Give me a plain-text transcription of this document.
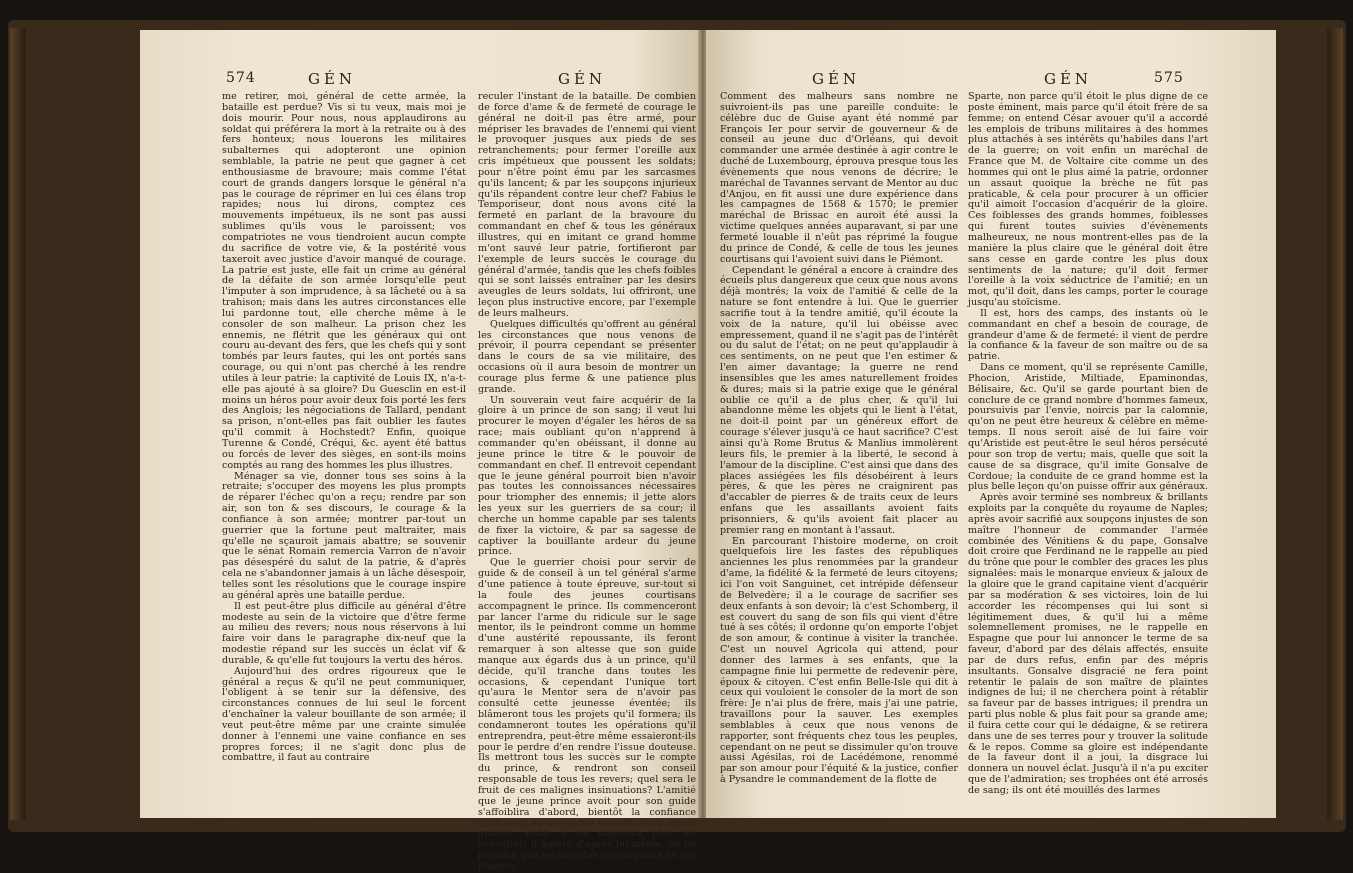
574	GÉN	GÉN

me retirer, moi, général de cette armée, la bataille est perdue? Vis si tu veux, mais moi je dois mourir. Pour nous, nous applaudirons au soldat qui préférera la mort à la retraite ou à des fers honteux; nous louerons les militaires subalternes qui adopteront une opinion semblable, la patrie ne peut que gagner à cet enthousiasme de bravoure; mais comme l'état court de grands dangers lorsque le général n'a pas le courage de réprimer en lui ces élans trop rapides; nous lui dirons, comptez ces mouvements impétueux, ils ne sont pas aussi sublimes qu'ils vous le paroissent; vos compatriotes ne vous tiendroient aucun compte du sacrifice de votre vie, & la postérité vous taxeroit avec justice d'avoir manqué de courage. La patrie est juste, elle fait un crime au général de la défaite de son armée lorsqu'elle peut l'imputer à son imprudence, à sa lâcheté ou à sa trahison; mais dans les autres circonstances elle lui pardonne tout, elle cherche même à le consoler de son malheur. La prison chez les ennemis, ne flétrit que les généraux qui ont couru au-devant des fers, que les chefs qui y sont tombés par leurs fautes, qui les ont portés sans courage, ou qui n'ont pas cherché à les rendre utiles à leur patrie: la captivité de Louis IX, n'a-t-elle pas ajouté à sa gloire? Du Guesclin en est-il moins un héros pour avoir deux fois porté les fers des Anglois; les négociations de Tallard, pendant sa prison, n'ont-elles pas fait oublier les fautes qu'il commit à Hochstedt? Enfin, quoique Turenne & Condé, Créqui, &c. ayent été battus ou forcés de lever des sièges, en sont-ils moins comptés au rang des hommes les plus illustres.

Ménager sa vie, donner tous ses soins à la retraite; s'occuper des moyens les plus prompts de réparer l'échec qu'on a reçu; rendre par son air, son ton & ses discours, le courage & la confiance à son armée; montrer par-tout un guerrier que la fortune peut maltraiter, mais qu'elle ne sçauroit jamais abattre; se souvenir que le sénat Romain remercia Varron de n'avoir pas désespéré du salut de la patrie, & d'après cela ne s'abandonner jamais à un lâche désespoir, telles sont les résolutions que le courage inspire au général après une bataille perdue.

Il est peut-être plus difficile au général d'être modeste au sein de la victoire que d'être ferme au milieu des revers; nous nous réservons à lui faire voir dans le paragraphe dix-neuf que la modestie répand sur les succès un éclat vif & durable, & qu'elle fut toujours la vertu des héros.

Aujourd'hui des ordres rigoureux que le général a reçus & qu'il ne peut communiquer, l'obligent à se tenir sur la défensive, des circonstances connues de lui seul le forcent d'enchaîner la valeur bouillante de son armée; il veut peut-être même par une crainte simulée donner à l'ennemi une vaine confiance en ses propres forces; il ne s'agit donc plus de combattre, il faut au contraire

reculer l'instant de la bataille. De combien de force d'ame & de fermeté de courage le général ne doit-il pas être armé, pour mépriser les bravades de l'ennemi qui vient le provoquer jusques aux pieds de ses retranchements; pour fermer l'oreille aux cris impétueux que poussent les soldats; pour n'être point ému par les sarcasmes qu'ils lancent; & par les soupçons injurieux qu'ils répandent contre leur chef? Fabius le Temporiseur, dont nous avons cité la fermeté en parlant de la bravoure du commandant en chef & tous les généraux illustres, qui en imitant ce grand homme m'ont sauvé leur patrie, fortifieront par l'exemple de leurs succès le courage du général d'armée, tandis que les chefs foibles qui se sont laissés entraîner par les desirs aveugles de leurs soldats, lui offriront, une leçon plus instructive encore, par l'exemple de leurs malheurs.

Quelques difficultés qu'offrent au général les circonstances que nous venons de prévoir, il pourra cependant se présenter dans le cours de sa vie militaire, des occasions où il aura besoin de montrer un courage plus ferme & une patience plus grande.

Un souverain veut faire acquérir de la gloire à un prince de son sang; il veut lui procurer le moyen d'égaler les héros de sa race; mais oubliant qu'on n'apprend à commander qu'en obéissant, il donne au jeune prince le titre & le pouvoir de commandant en chef. Il entrevoit cependant que le jeune général pourroit bien n'avoir pas toutes les connoissances nécessaires pour triompher des ennemis; il jette alors les yeux sur les guerriers de sa cour; il cherche un homme capable par ses talents de fixer la victoire, & par sa sagesse de captiver la bouillante ardeur du jeune prince.

Que le guerrier choisi pour servir de guide & de conseil à un tel général s'arme d'une patience à toute épreuve, sur-tout si la foule des jeunes courtisans accompagnent le prince. Ils commenceront par lancer l'arme du ridicule sur le sage mentor, ils le peindront comme un homme d'une austérité repoussante, ils feront remarquer à son altesse que son guide manque aux égards dus à un prince, qu'il décide, qu'il tranche dans toutes les occasions, & cependant l'unique tort qu'aura le Mentor sera de n'avoir pas consulté cette jeunesse éventée; ils blâmeront tous les projets qu'il formera; ils condamneront toutes les opérations qu'il entreprendra, peut-être même essaieront-ils pour le perdre d'en rendre l'issue douteuse. Ils mettront tous les succès sur le compte du prince, & rendront son conseil responsable de tous les revers; quel sera le fruit de ces malignes insinuations? L'amitié que le jeune prince avoit pour son guide s'affoiblira d'abord, bientôt la confiance qu'il avoit en ses sages conseils sera moins grande, enfin il ne daignera plus les consulter; il agiera d'après lui-même, ou ne prendra que les avis des compagnons de ses plaisirs.

GÉN	GÉN	575

Comment des malheurs sans nombre ne suivroient-ils pas une pareille conduite: le célèbre duc de Guise ayant été nommé par François Ier pour servir de gouverneur & de conseil au jeune duc d'Orléans, qui devoit commander une armée destinée à agir contre le duché de Luxembourg, éprouva presque tous les évènements que nous venons de décrire; le maréchal de Tavannes servant de Mentor au duc d'Anjou, en fit aussi une dure expérience dans les campagnes de 1568 & 1570; le premier maréchal de Brissac en auroit été aussi la victime quelques années auparavant, si par une fermeté louable il n'eût pas réprimé la fougue du prince de Condé, & celle de tous les jeunes courtisans qui l'avoient suivi dans le Piémont.

Cependant le général a encore à craindre des écueils plus dangereux que ceux que nous avons déjà montrés; la voix de l'amitié & celle de la nature se font entendre à lui. Que le guerrier sacrifie tout à la tendre amitié, qu'il écoute la voix de la nature, qu'il lui obéisse avec empressement, quand il ne s'agit pas de l'intérêt ou du salut de l'état; on ne peut qu'applaudir à ces sentiments, on ne peut que l'en estimer & l'en aimer davantage; la guerre ne rend insensibles que les ames naturellement froides & dures; mais si la patrie exige que le général oublie ce qu'il a de plus cher, & qu'il lui abandonne même les objets qui le lient à l'état, ne doit-il point par un généreux effort de courage s'élever jusqu'à ce haut sacrifice? C'est ainsi qu'à Rome Brutus & Manlius immolèrent leurs fils, le premier à la liberté, le second à l'amour de la discipline. C'est ainsi que dans des places assiégées les fils désobéirent à leurs pères, & que les pères ne craignirent pas d'accabler de pierres & de traits ceux de leurs enfans que les assaillants avoient faits prisonniers, & qu'ils avoient fait placer au premier rang en montant à l'assaut.

En parcourant l'histoire moderne, on croit quelquefois lire les fastes des républiques anciennes les plus renommées par la grandeur d'ame, la fidélité & la fermeté de leurs citoyens; ici l'on voit Sanguinet, cet intrépide défenseur de Belvedère; il a le courage de sacrifier ses deux enfants à son devoir; là c'est Schomberg, il est couvert du sang de son fils qui vient d'être tué à ses côtés; il ordonne qu'on emporte l'objet de son amour, & continue à visiter la tranchée. C'est un nouvel Agricola qui attend, pour donner des larmes à ses enfants, que la campagne finie lui permette de redevenir père, époux & citoyen. C'est enfin Belle-Isle qui dit à ceux qui vouloient le consoler de la mort de son frère: Je n'ai plus de frère, mais j'ai une patrie, travaillons pour la sauver. Les exemples semblables à ceux que nous venons de rapporter, sont fréquents chez tous les peuples, cependant on ne peut se dissimuler qu'on trouve aussi Agésilas, roi de Lacédémone, renommé par son amour pour l'équité & la justice, confier à Pysandre le commandement de la flotte de

Sparte, non parce qu'il étoit le plus digne de ce poste éminent, mais parce qu'il étoit frère de sa femme; on entend César avouer qu'il a accordé les emplois de tribuns militaires à des hommes plus attachés à ses intérêts qu'habiles dans l'art de la guerre; on voit enfin un maréchal de France que M. de Voltaire cite comme un des hommes qui ont le plus aimé la patrie, ordonner un assaut quoique la brèche ne fût pas praticable, & cela pour procurer à un officier qu'il aimoit l'occasion d'acquérir de la gloire. Ces foiblesses des grands hommes, foiblesses qui furent toutes suivies d'évènements malheureux, ne nous montrent-elles pas de la manière la plus claire que le général doit être sans cesse en garde contre les plus doux sentiments de la nature; qu'il doit fermer l'oreille à la voix séductrice de l'amitié; en un mot, qu'il doit, dans les camps, porter le courage jusqu'au stoïcisme.

Il est, hors des camps, des instants où le commandant en chef a besoin de courage, de grandeur d'ame & de fermeté: il vient de perdre la confiance & la faveur de son maître ou de sa patrie.

Dans ce moment, qu'il se représente Camille, Phocion, Aristide, Miltiade, Epaminondas, Bélisaire, &c. Qu'il se garde pourtant bien de conclure de ce grand nombre d'hommes fameux, poursuivis par l'envie, noircis par la calomnie, qu'on ne peut être heureux & célèbre en même-temps. Il nous seroit aisé de lui faire voir qu'Aristide est peut-être le seul héros persécuté pour son trop de vertu; mais, quelle que soit la cause de sa disgrace, qu'il imite Gonsalve de Cordoue; la conduite de ce grand homme est la plus belle leçon qu'on puisse offrir aux généraux.

Après avoir terminé ses nombreux & brillants exploits par la conquête du royaume de Naples; après avoir sacrifié aux soupçons injustes de son maître l'honneur de commander l'armée combinée des Vénitiens & du pape, Gonsalve doit croire que Ferdinand ne le rappelle au pied du trône que pour le combler des graces les plus signalées: mais le monarque envieux & jaloux de la gloire que le grand capitaine vient d'acquérir par sa modération & ses victoires, loin de lui accorder les récompenses qui lui sont si légitimement dues, & qu'il lui a même solemnellement promises, ne le rappelle en Espagne que pour lui annoncer le terme de sa faveur, d'abord par des délais affectés, ensuite par de durs refus, enfin par des mépris insultants. Gonsalve disgracié ne fera point retentir le palais de son maître de plaintes indignes de lui; il ne cherchera point à rétablir sa faveur par de basses intrigues; il prendra un parti plus noble & plus fait pour sa grande ame; il fuira cette cour qui le dédaigne, & se retirera dans une de ses terres pour y trouver la solitude & le repos. Comme sa gloire est indépendante de la faveur dont il a joui, la disgrace lui donnera un nouvel éclat. Jusqu'à il n'a pu exciter que de l'admiration; ses trophées ont été arrosés de sang; ils ont été mouillés des larmes
